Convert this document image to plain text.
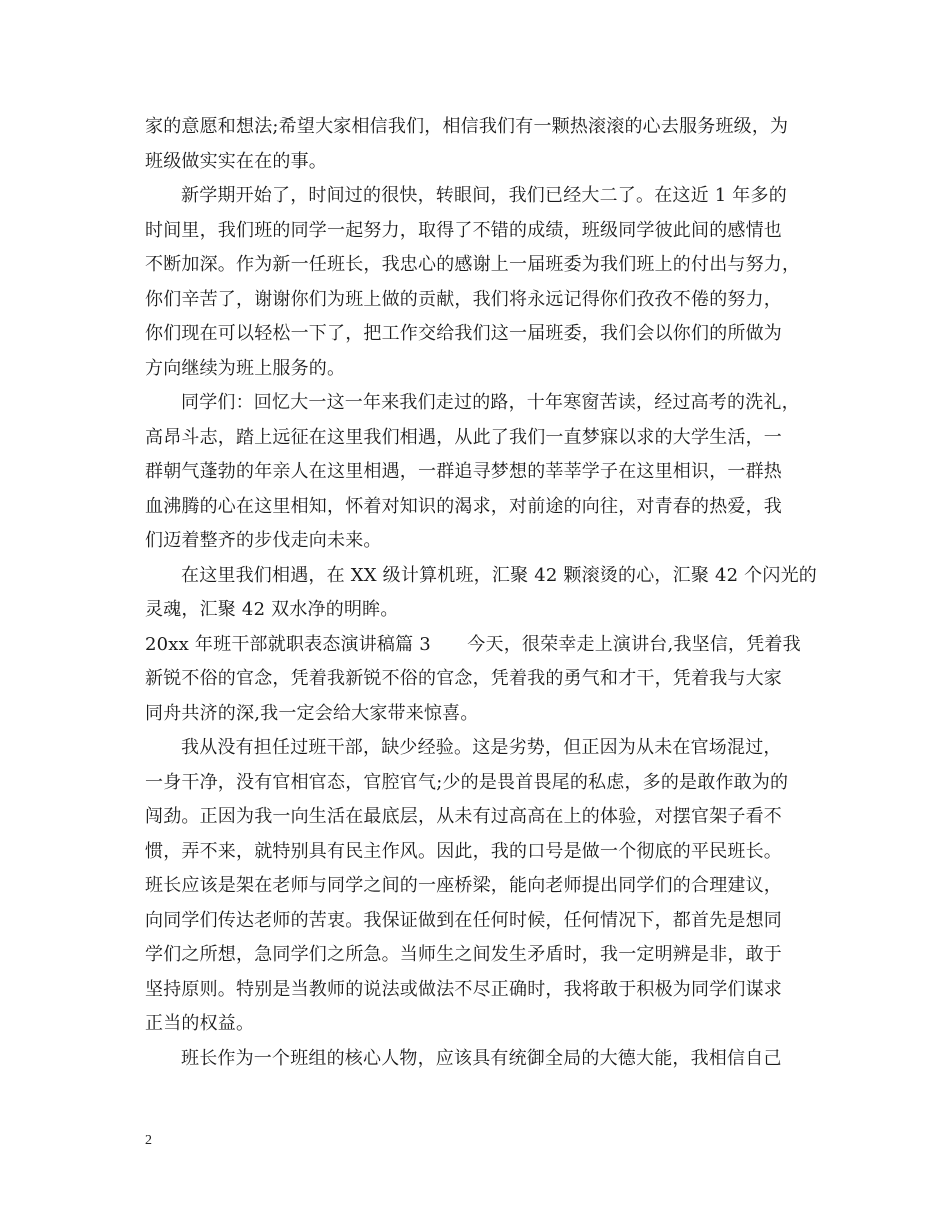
家的意愿和想法;希望大家相信我们，相信我们有一颗热滚滚的心去服务班级，为
班级做实实在在的事。
新学期开始了，时间过的很快，转眼间，我们已经大二了。在这近 1 年多的
时间里，我们班的同学一起努力，取得了不错的成绩，班级同学彼此间的感情也
不断加深。作为新一任班长，我忠心的感谢上一届班委为我们班上的付出与努力，
你们辛苦了，谢谢你们为班上做的贡献，我们将永远记得你们孜孜不倦的努力，
你们现在可以轻松一下了，把工作交给我们这一届班委，我们会以你们的所做为
方向继续为班上服务的。
同学们：回忆大一这一年来我们走过的路，十年寒窗苦读，经过高考的洗礼，
高昂斗志，踏上远征在这里我们相遇，从此了我们一直梦寐以求的大学生活，一
群朝气蓬勃的年亲人在这里相遇，一群追寻梦想的莘莘学子在这里相识，一群热
血沸腾的心在这里相知，怀着对知识的渴求，对前途的向往，对青春的热爱，我
们迈着整齐的步伐走向未来。
在这里我们相遇，在 XX 级计算机班，汇聚 42 颗滚烫的心，汇聚 42 个闪光的
灵魂，汇聚 42 双水净的明眸。
20xx 年班干部就职表态演讲稿篇 3　　今天，很荣幸走上演讲台,我坚信，凭着我
新锐不俗的官念，凭着我新锐不俗的官念，凭着我的勇气和才干，凭着我与大家
同舟共济的深,我一定会给大家带来惊喜。
我从没有担任过班干部，缺少经验。这是劣势，但正因为从未在官场混过，
一身干净，没有官相官态，官腔官气;少的是畏首畏尾的私虑，多的是敢作敢为的
闯劲。正因为我一向生活在最底层，从未有过高高在上的体验，对摆官架子看不
惯，弄不来，就特别具有民主作风。因此，我的口号是做一个彻底的平民班长。
班长应该是架在老师与同学之间的一座桥梁，能向老师提出同学们的合理建议，
向同学们传达老师的苦衷。我保证做到在任何时候，任何情况下，都首先是想同
学们之所想，急同学们之所急。当师生之间发生矛盾时，我一定明辨是非，敢于
坚持原则。特别是当教师的说法或做法不尽正确时，我将敢于积极为同学们谋求
正当的权益。
班长作为一个班组的核心人物，应该具有统御全局的大德大能，我相信自己
2
